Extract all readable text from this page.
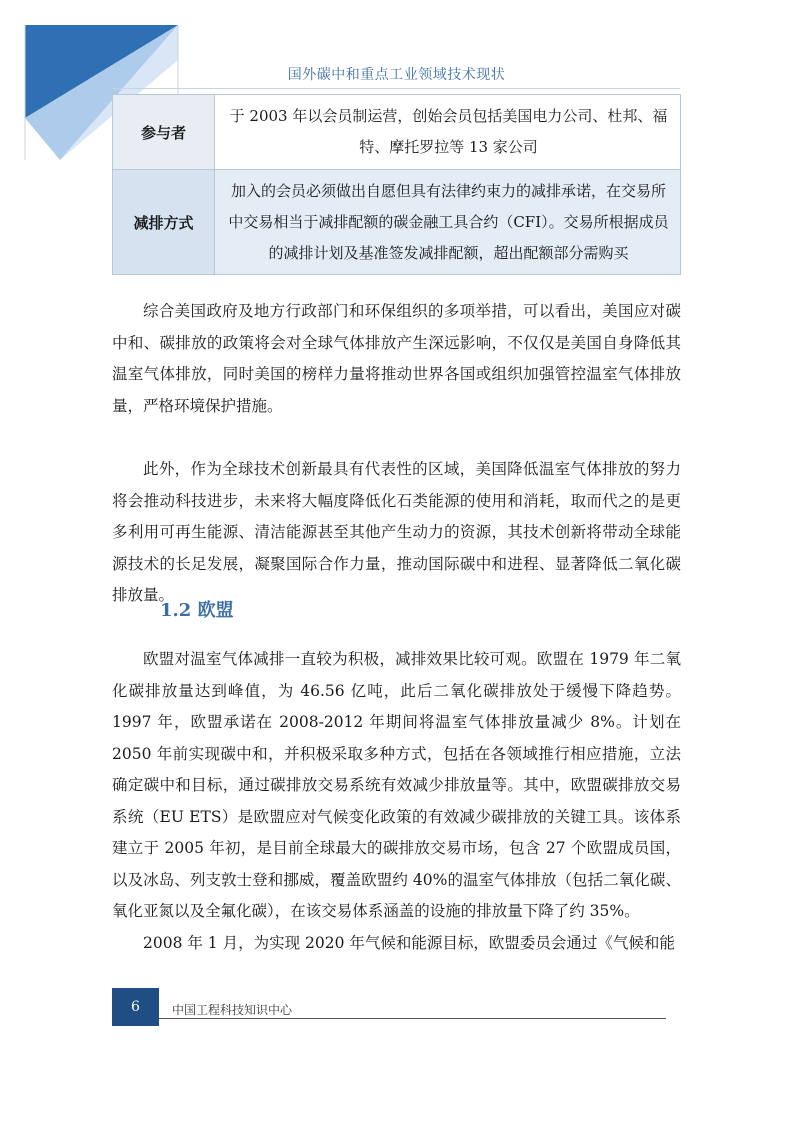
国外碳中和重点工业领域技术现状
参与者	于 2003 年以会员制运营，创始会员包括美国电力公司、杜邦、福特、摩托罗拉等 13 家公司
减排方式	加入的会员必须做出自愿但具有法律约束力的减排承诺，在交易所中交易相当于减排配额的碳金融工具合约（CFI）。交易所根据成员的减排计划及基准签发减排配额，超出配额部分需购买

综合美国政府及地方行政部门和环保组织的多项举措，可以看出，美国应对碳中和、碳排放的政策将会对全球气体排放产生深远影响，不仅仅是美国自身降低其温室气体排放，同时美国的榜样力量将推动世界各国或组织加强管控温室气体排放量，严格环境保护措施。

此外，作为全球技术创新最具有代表性的区域，美国降低温室气体排放的努力将会推动科技进步，未来将大幅度降低化石类能源的使用和消耗，取而代之的是更多利用可再生能源、清洁能源甚至其他产生动力的资源，其技术创新将带动全球能源技术的长足发展，凝聚国际合作力量，推动国际碳中和进程、显著降低二氧化碳排放量。

1.2 欧盟

欧盟对温室气体减排一直较为积极，减排效果比较可观。欧盟在 1979 年二氧化碳排放量达到峰值，为 46.56 亿吨，此后二氧化碳排放处于缓慢下降趋势。1997 年，欧盟承诺在 2008-2012 年期间将温室气体排放量减少 8%。计划在 2050 年前实现碳中和，并积极采取多种方式，包括在各领域推行相应措施，立法确定碳中和目标，通过碳排放交易系统有效减少排放量等。其中，欧盟碳排放交易系统（EU ETS）是欧盟应对气候变化政策的有效减少碳排放的关键工具。该体系建立于 2005 年初，是目前全球最大的碳排放交易市场，包含 27 个欧盟成员国，以及冰岛、列支敦士登和挪威，覆盖欧盟约 40%的温室气体排放（包括二氧化碳、氧化亚氮以及全氟化碳），在该交易体系涵盖的设施的排放量下降了约 35%。

2008 年 1 月，为实现 2020 年气候和能源目标，欧盟委员会通过《气候和能

6	中国工程科技知识中心
